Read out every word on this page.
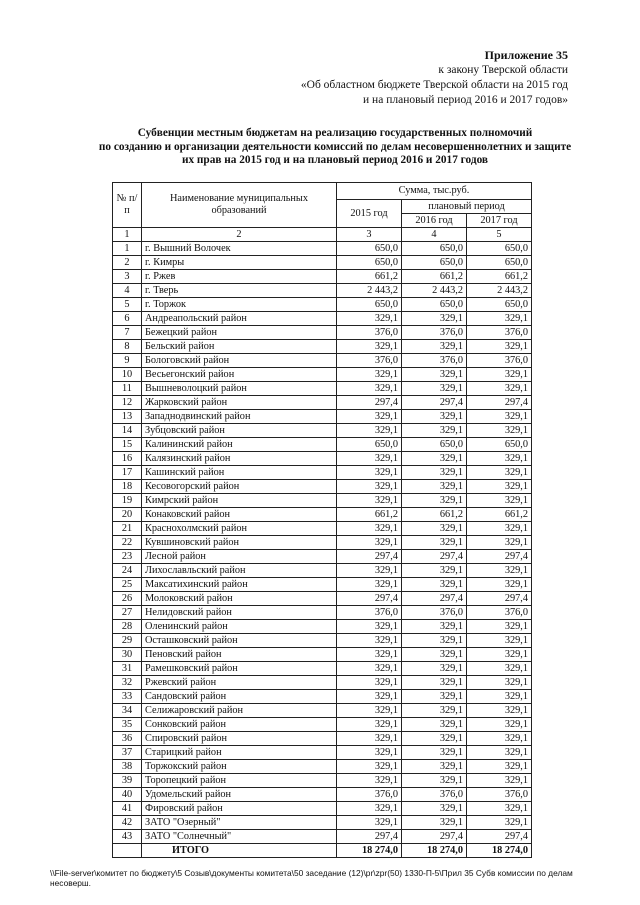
Приложение 35
к закону Тверской области
«Об областном бюджете Тверской области на 2015 год
и на плановый период 2016 и 2017 годов»
Субвенции местным бюджетам на реализацию государственных полномочий
по созданию и организации деятельности комиссий по делам несовершеннолетних и защите
их прав на 2015 год и на плановый период 2016 и 2017 годов
№ п/п	Наименование муниципальных образований	Сумма, тыс.руб.		
		2015 год	плановый период	
			2016 год	2017 год
1	2	3	4	5
1	г. Вышний Волочек	650,0	650,0	650,0
2	г. Кимры	650,0	650,0	650,0
3	г. Ржев	661,2	661,2	661,2
4	г. Тверь	2 443,2	2 443,2	2 443,2
5	г. Торжок	650,0	650,0	650,0
6	Андреапольский район	329,1	329,1	329,1
7	Бежецкий район	376,0	376,0	376,0
8	Бельский район	329,1	329,1	329,1
9	Бологовский район	376,0	376,0	376,0
10	Весьегонский район	329,1	329,1	329,1
11	Вышневолоцкий район	329,1	329,1	329,1
12	Жарковский район	297,4	297,4	297,4
13	Западнодвинский район	329,1	329,1	329,1
14	Зубцовский район	329,1	329,1	329,1
15	Калининский район	650,0	650,0	650,0
16	Калязинский район	329,1	329,1	329,1
17	Кашинский район	329,1	329,1	329,1
18	Кесовогорский район	329,1	329,1	329,1
19	Кимрский район	329,1	329,1	329,1
20	Конаковский район	661,2	661,2	661,2
21	Краснохолмский район	329,1	329,1	329,1
22	Кувшиновский район	329,1	329,1	329,1
23	Лесной район	297,4	297,4	297,4
24	Лихославльский район	329,1	329,1	329,1
25	Максатихинский район	329,1	329,1	329,1
26	Молоковский район	297,4	297,4	297,4
27	Нелидовский район	376,0	376,0	376,0
28	Оленинский район	329,1	329,1	329,1
29	Осташковский район	329,1	329,1	329,1
30	Пеновский район	329,1	329,1	329,1
31	Рамешковский район	329,1	329,1	329,1
32	Ржевский район	329,1	329,1	329,1
33	Сандовский район	329,1	329,1	329,1
34	Селижаровский район	329,1	329,1	329,1
35	Сонковский район	329,1	329,1	329,1
36	Спировский район	329,1	329,1	329,1
37	Старицкий район	329,1	329,1	329,1
38	Торжокский район	329,1	329,1	329,1
39	Торопецкий район	329,1	329,1	329,1
40	Удомельский район	376,0	376,0	376,0
41	Фировский район	329,1	329,1	329,1
42	ЗАТО "Озерный"	329,1	329,1	329,1
43	ЗАТО "Солнечный"	297,4	297,4	297,4
	ИТОГО	18 274,0	18 274,0	18 274,0
\\File-server\комитет по бюджету\5 Созыв\документы комитета\50 заседание (12)\pr\zpr(50) 1330-П-5\Прил 35 Субв комиссии по делам несоверш.
